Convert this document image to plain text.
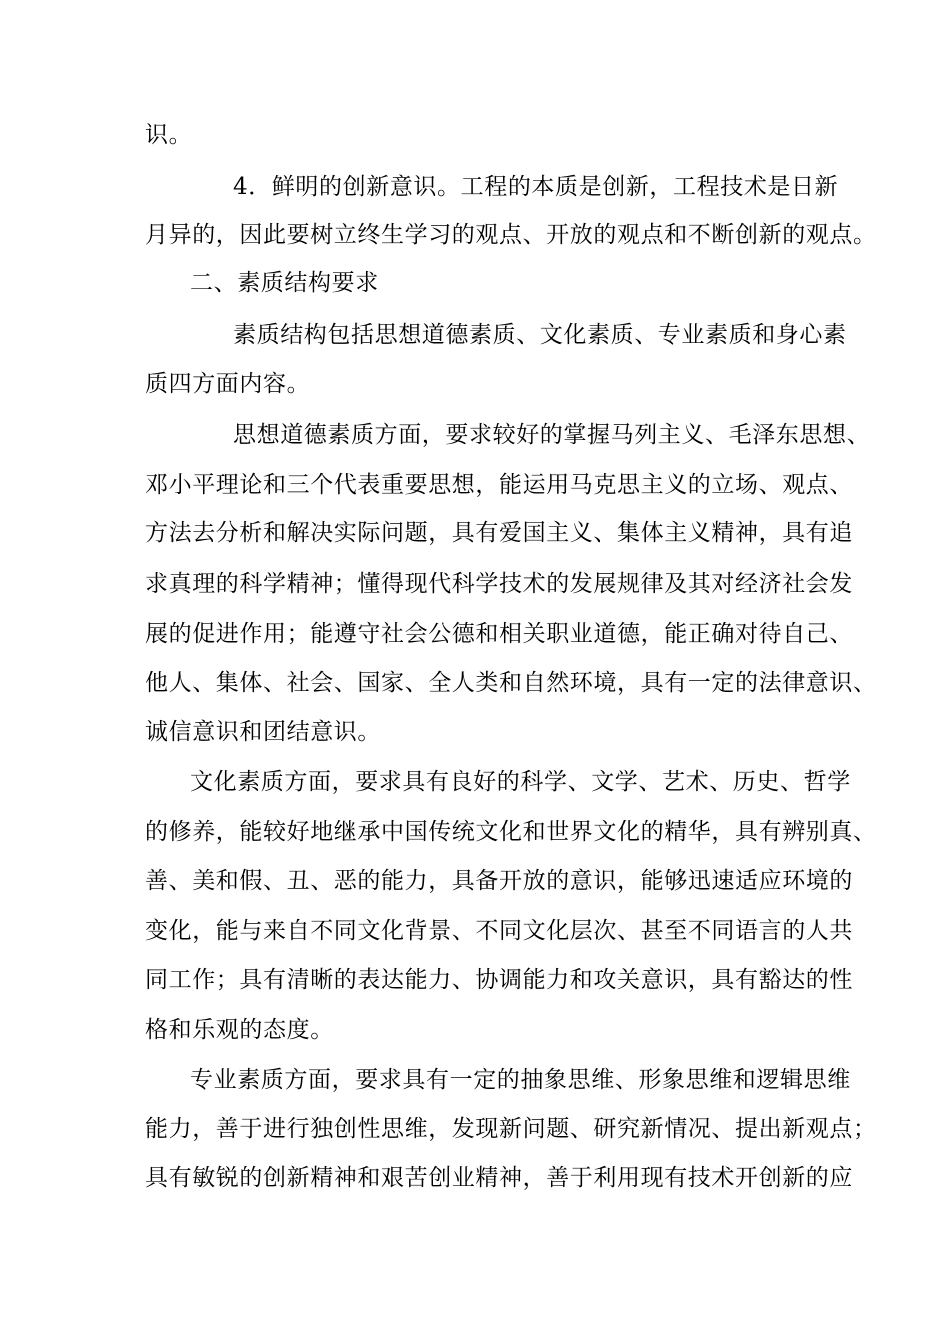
识。
4．鲜明的创新意识。工程的本质是创新，工程技术是日新
月异的，因此要树立终生学习的观点、开放的观点和不断创新的观点。
二、素质结构要求
素质结构包括思想道德素质、文化素质、专业素质和身心素
质四方面内容。
思想道德素质方面，要求较好的掌握马列主义、毛泽东思想、
邓小平理论和三个代表重要思想，能运用马克思主义的立场、观点、
方法去分析和解决实际问题，具有爱国主义、集体主义精神，具有追
求真理的科学精神；懂得现代科学技术的发展规律及其对经济社会发
展的促进作用；能遵守社会公德和相关职业道德，能正确对待自己、
他人、集体、社会、国家、全人类和自然环境，具有一定的法律意识、
诚信意识和团结意识。
文化素质方面，要求具有良好的科学、文学、艺术、历史、哲学
的修养，能较好地继承中国传统文化和世界文化的精华，具有辨别真、
善、美和假、丑、恶的能力，具备开放的意识，能够迅速适应环境的
变化，能与来自不同文化背景、不同文化层次、甚至不同语言的人共
同工作；具有清晰的表达能力、协调能力和攻关意识，具有豁达的性
格和乐观的态度。
专业素质方面，要求具有一定的抽象思维、形象思维和逻辑思维
能力，善于进行独创性思维，发现新问题、研究新情况、提出新观点；
具有敏锐的创新精神和艰苦创业精神，善于利用现有技术开创新的应
